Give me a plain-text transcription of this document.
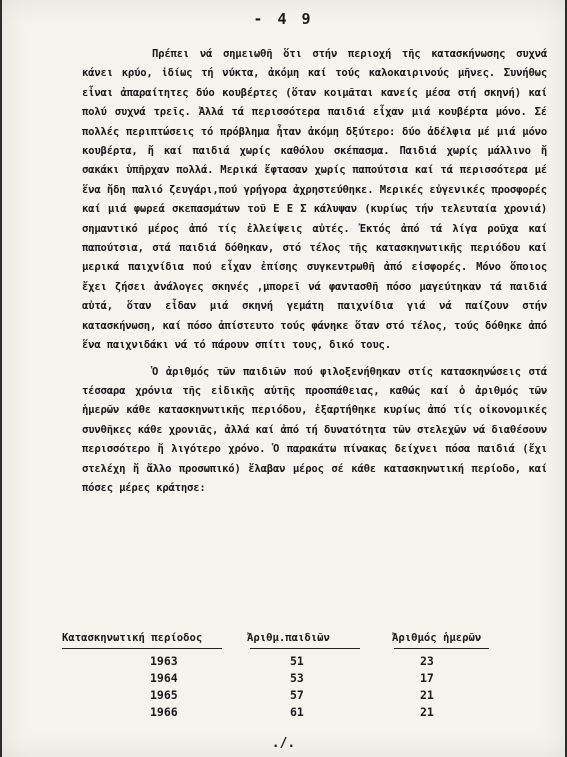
- 4 9

Πρέπει νά σημειωθῆ ὅτι στήν περιοχή τῆς κατασκήνωσης συχνά κάνει κρύο, ἰδίως τή νύκτα, ἀκόμη καί τούς καλοκαιρινούς μῆνες. Συνήθως εἶναι ἀπαραίτητες δύο κουβέρτες (ὅταν κοιμᾶται κανείς μέσα στή σκηνή) καί πολύ συχνά τρεῖς. Ἀλλά τά περισσότερα παιδιά εἶχαν μιά κουβέρτα μόνο. Σέ πολλές περιπτώσεις τό πρόβλημα ἦταν ἀκόμη δξύτερο: δύο ἀδέλφια μέ μιά μόνο κουβέρτα, ἤ καί παιδιά χωρίς καθόλου σκέπασμα. Παιδιά χωρίς μάλλινο ἤ σακάκι ὑπῆρχαν πολλά. Μερικά ἔφτασαν χωρίς παπούτσια καί τά περισσότερα μέ ἕνα ἤδη παλιό ζευγάρι,πού γρήγορα ἀχρηστεύθηκε. Μερικές εὐγενικές προσφορές καί μιά φωρεά σκεπασμάτων τοῦ Ε Ε Σ κάλυψαν (κυρίως τήν τελευταία χρονιά) σημαντικό μέρος ἀπό τίς ἐλλείψεις αὐτές. Ἐκτός ἀπό τά λίγα ροῦχα καί παπούτσια, στά παιδιά δόθηκαν, στό τέλος τῆς κατασκηνωτικῆς περιόδου καί μερικά παιχνίδια πού εἶχαν ἐπίσης συγκεντρωθῆ ἀπό εἰσφορές. Μόνο ὅποιος ἔχει ζήσει ἀνάλογες σκηνές ,μπορεῖ νά φαντασθῆ πόσο μαγεύτηκαν τά παιδιά αὐτά, ὅταν εἶδαν μιά σκηνή γεμάτη παιχνίδια γιά νά παίζουν στήν κατασκήνωση, καί πόσο ἀπίστευτο τούς φάνηκε ὅταν στό τέλος, τούς δόθηκε ἀπό ἕνα παιχνιδάκι νά τό πάρουν σπίτι τους, δικό τους.

Ὁ ἀριθμός τῶν παιδιῶν πού φιλοξενήθηκαν στίς κατασκηνώσεις στά τέσσαρα χρόνια τῆς εἰδικῆς αὐτῆς προσπάθειας, καθώς καί ὁ ἀριθμός τῶν ἡμερῶν κάθε κατασκηνωτικῆς περιόδου, ἐξαρτήθηκε κυρίως ἀπό τίς οἰκονομικές συνθῆκες κάθε χρονιᾶς, ἀλλά καί ἀπό τή δυνατότητα τῶν στελεχῶν νά διαθέσουν περισσότερο ἤ λιγότερο χρόνο. Ὁ παρακάτω πίνακας δείχνει πόσα παιδιά (ἔχι στελέχη ἤ ἄλλο προσωπικό) ἔλαβαν μέρος σέ κάθε κατασκηνωτική περίοδο, καί πόσες μέρες κράτησε:

Κατασκηνωτική περίοδος	Ἀριθμ.παιδιῶν	Ἀριθμός ἡμερῶν
1963	51	23
1964	53	17
1965	57	21
1966	61	21
./.
